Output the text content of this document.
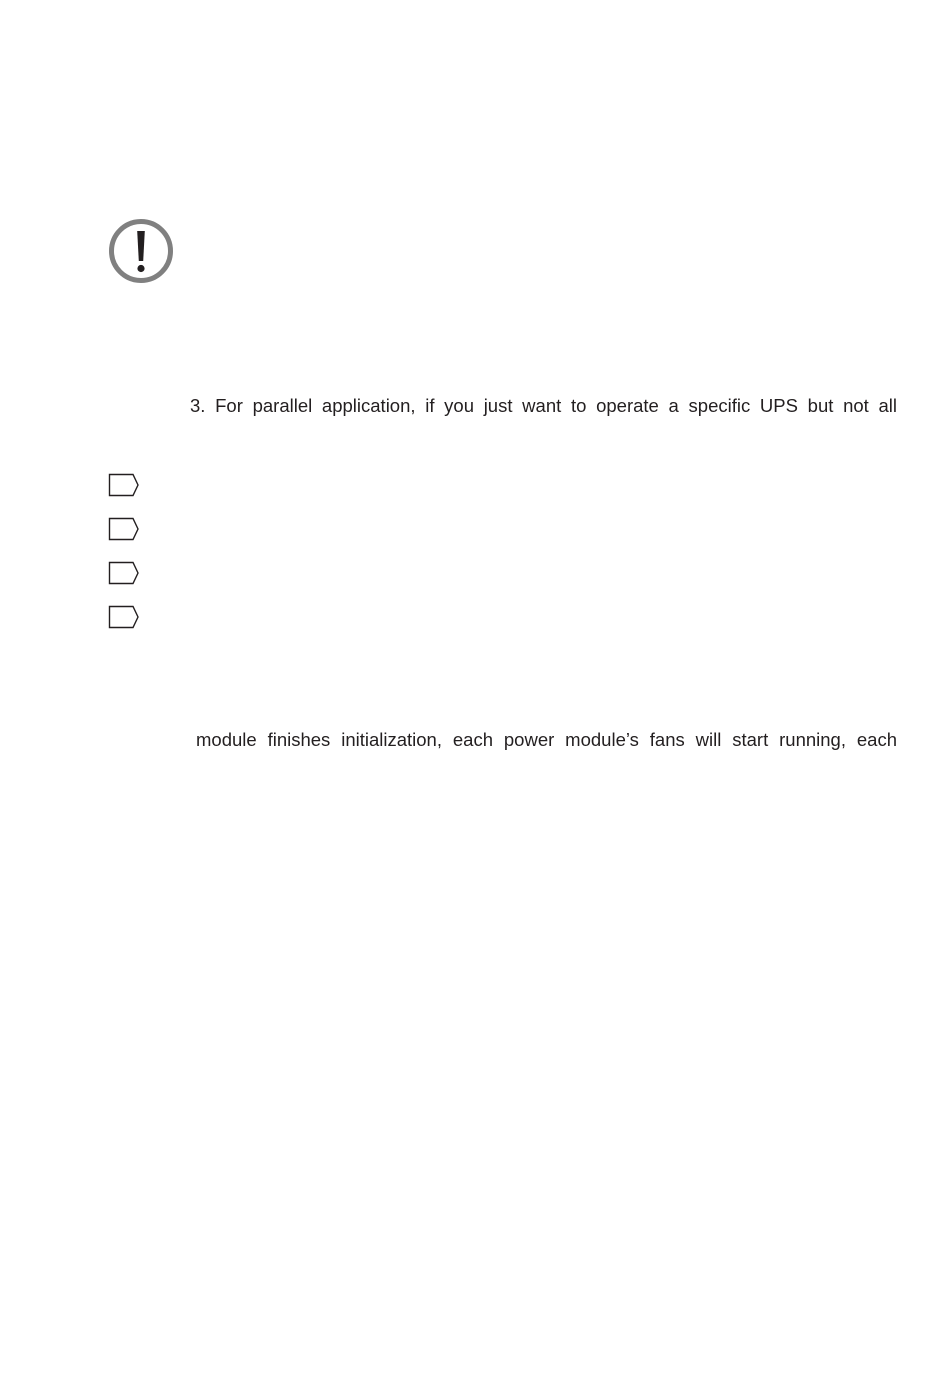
3. For parallel application, if you just want to operate a specific UPS but not all
module finishes initialization, each power module’s fans will start running, each
